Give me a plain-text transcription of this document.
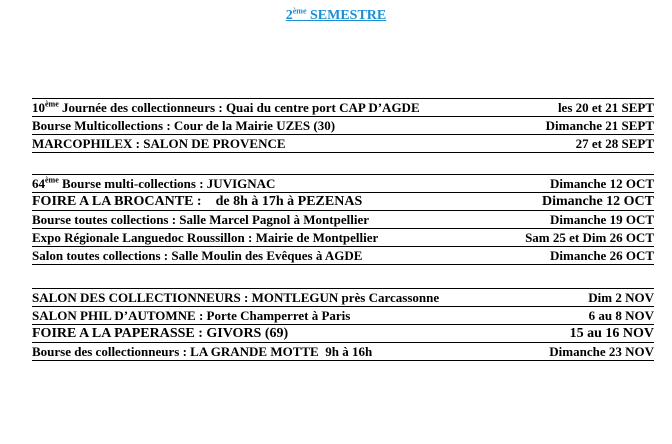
2ème SEMESTRE
10ème Journée des collectionneurs : Quai du centre port CAP D’AGDE	les 20 et 21 SEPT
Bourse Multicollections : Cour de la Mairie UZES (30)	Dimanche 21 SEPT
MARCOPHILEX : SALON DE PROVENCE	27 et 28 SEPT
64ème Bourse multi-collections : JUVIGNAC	Dimanche 12 OCT
FOIRE A LA BROCANTE :    de 8h à 17h à PEZENAS	Dimanche 12 OCT
Bourse toutes collections : Salle Marcel Pagnol à Montpellier	Dimanche 19 OCT
Expo Régionale Languedoc Roussillon : Mairie de Montpellier	Sam 25 et Dim 26 OCT
Salon toutes collections : Salle Moulin des Evêques à AGDE	Dimanche 26 OCT
SALON DES COLLECTIONNEURS : MONTLEGUN près Carcassonne	Dim 2 NOV
SALON PHIL D’AUTOMNE : Porte Champerret à Paris	6 au 8 NOV
FOIRE A LA PAPERASSE : GIVORS (69)	15 au 16 NOV
Bourse des collectionneurs : LA GRANDE MOTTE  9h à 16h	Dimanche 23 NOV
